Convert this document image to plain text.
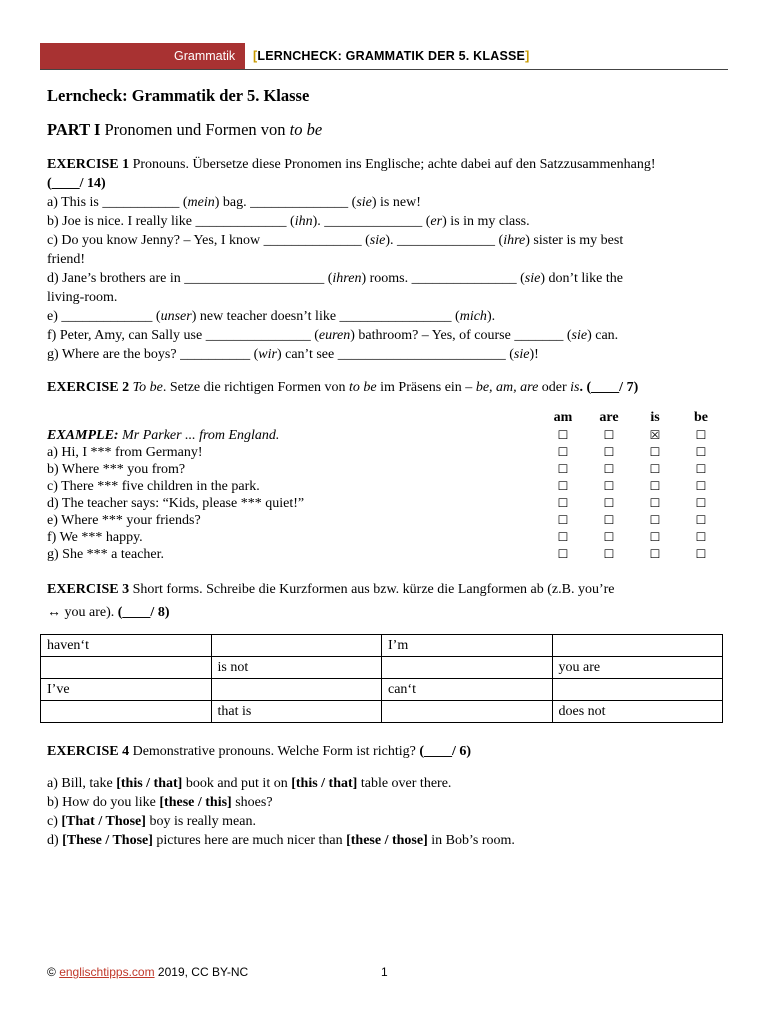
Grammatik [LERNCHECK: GRAMMATIK DER 5. KLASSE]
Lerncheck: Grammatik der 5. Klasse
PART I Pronomen und Formen von to be
EXERCISE 1 Pronouns. Übersetze diese Pronomen ins Englische; achte dabei auf den Satzzusammenhang!
(____/ 14)
a) This is ___________ (mein) bag. ______________ (sie) is new!
b) Joe is nice. I really like _____________ (ihn). ______________ (er) is in my class.
c) Do you know Jenny? – Yes, I know ______________ (sie). ______________ (ihre) sister is my best
friend!
d) Jane’s brothers are in ____________________ (ihren) rooms. _______________ (sie) don’t like the
living-room.
e) _____________ (unser) new teacher doesn’t like ________________ (mich).
f) Peter, Amy, can Sally use _______________ (euren) bathroom? – Yes, of course _______ (sie) can.
g) Where are the boys? __________ (wir) can’t see ________________________ (sie)!
EXERCISE 2 To be. Setze die richtigen Formen von to be im Präsens ein – be, am, are oder is. (____/ 7)
am	are	is	be
EXAMPLE: Mr Parker ... from England.	☐	☐	☒	☐
a) Hi, I *** from Germany!	☐	☐	☐	☐
b) Where *** you from?	☐	☐	☐	☐
c) There *** five children in the park.	☐	☐	☐	☐
d) The teacher says: “Kids, please *** quiet!”	☐	☐	☐	☐
e) Where *** your friends?	☐	☐	☐	☐
f) We *** happy.	☐	☐	☐	☐
g) She *** a teacher.	☐	☐	☐	☐
EXERCISE 3 Short forms. Schreibe die Kurzformen aus bzw. kürze die Langformen ab (z.B. you’re
↔ you are). (____/ 8)
haven‘t		I’m	
	is not		you are
I’ve		can‘t	
	that is		does not
EXERCISE 4 Demonstrative pronouns. Welche Form ist richtig? (____/ 6)
a) Bill, take [this / that] book and put it on [this / that] table over there.
b) How do you like [these / this] shoes?
c) [That / Those] boy is really mean.
d) [These / Those] pictures here are much nicer than [these / those] in Bob’s room.
© englischtipps.com 2019, CC BY-NC	1
